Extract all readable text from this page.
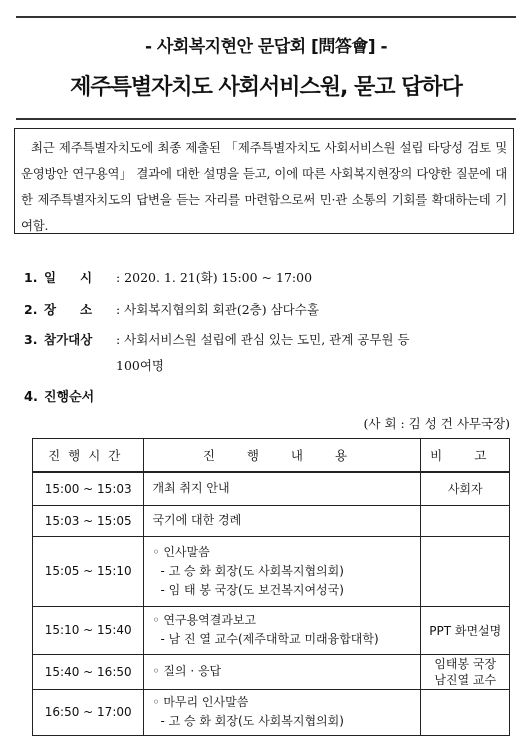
- 사회복지현안 문답회 [問答會] -
제주특별자치도 사회서비스원, 묻고 답하다
최근 제주특별자치도에 최종 제출된 「제주특별자치도 사회서비스원 설립 타당성 검토 및 운영방안 연구용역」 결과에 대한 설명을 듣고, 이에 따른 사회복지현장의 다양한 질문에 대한 제주특별자치도의 답변을 듣는 자리를 마련함으로써 민·관 소통의 기회를 확대하는데 기여함.
1. 일 시 : 2020. 1. 21(화) 15:00 ~ 17:00
2. 장 소 : 사회복지협의회 회관(2층) 삼다수홀
3. 참가대상 : 사회서비스원 설립에 관심 있는 도민, 관계 공무원 등
100여명
4. 진행순서
(사 회 : 김 성 건 사무국장)
진행시간	진 행 내 용	비 고
15:00 ~ 15:03	개최 취지 안내	사회자
15:03 ~ 15:05	국기에 대한 경례	

15:05 ~ 15:10	◦ 인사말씀
- 고 승 화 회장(도 사회복지협의회)
- 임 태 봉 국장(도 보건복지여성국)	

15:10 ~ 15:40	◦ 연구용역결과보고
- 남 진 열 교수(제주대학교 미래융합대학)	PPT 화면설명
15:40 ~ 16:50	◦ 질의 · 응답	임태봉 국장
남진열 교수

16:50 ~ 17:00	◦ 마무리 인사말씀
- 고 승 화 회장(도 사회복지협의회)	
